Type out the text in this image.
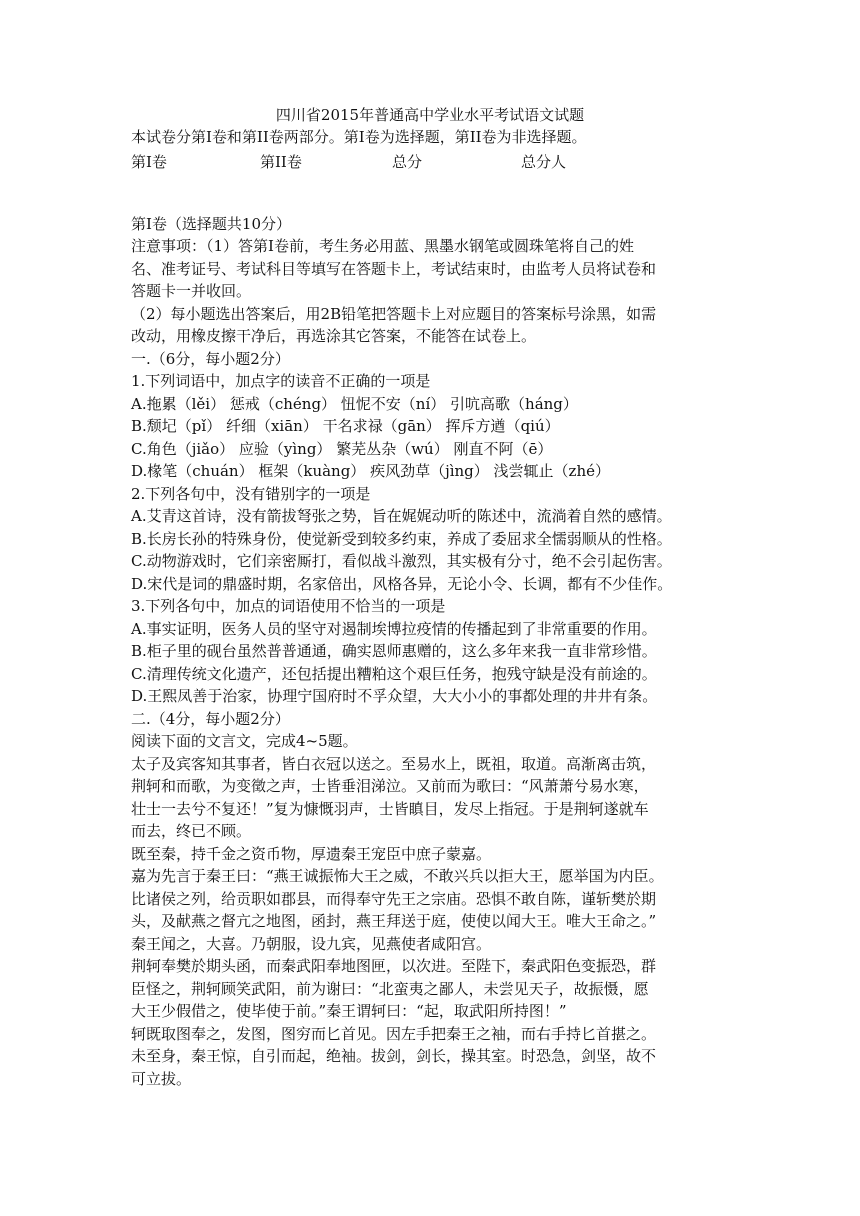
四川省2015年普通高中学业水平考试语文试题
本试卷分第Ⅰ卷和第II卷两部分。第Ⅰ卷为选择题，第II卷为非选择题。
第Ⅰ卷	第II卷	总分	总分人
第Ⅰ卷（选择题共10分）
注意事项：（1）答第Ⅰ卷前，考生务必用蓝、黑墨水钢笔或圆珠笔将自己的姓
名、准考证号、考试科目等填写在答题卡上，考试结束时，由监考人员将试卷和
答题卡一并收回。
（2）每小题选出答案后，用2B铅笔把答题卡上对应题目的答案标号涂黑，如需
改动，用橡皮擦干净后，再选涂其它答案，不能答在试卷上。
一.（6分，每小题2分）
1.下列词语中，加点字的读音不正确的一项是
A.拖累（lěi） 惩戒（chéng） 忸怩不安（ní） 引吭高歌（háng）
B.颓圮（pǐ） 纤细（xiān） 干名求禄（gān） 挥斥方遒（qiú）
C.角色（jiǎo） 应验（yìng） 繁芜丛杂（wú） 刚直不阿（ē）
D.椽笔（chuán） 框架（kuàng） 疾风劲草（jìng） 浅尝辄止（zhé）
2.下列各句中，没有错别字的一项是
A.艾青这首诗，没有箭拔弩张之势，旨在娓娓动听的陈述中，流淌着自然的感情。
B.长房长孙的特殊身份，使觉新受到较多约束，养成了委屈求全懦弱顺从的性格。
C.动物游戏时，它们亲密厮打，看似战斗激烈，其实极有分寸，绝不会引起伤害。
D.宋代是词的鼎盛时期，名家倍出，风格各异，无论小令、长调，都有不少佳作。
3.下列各句中，加点的词语使用不恰当的一项是
A.事实证明，医务人员的坚守对遏制埃博拉疫情的传播起到了非常重要的作用。
B.柜子里的砚台虽然普普通通，确实恩师惠赠的，这么多年来我一直非常珍惜。
C.清理传统文化遗产，还包括提出糟粕这个艰巨任务，抱残守缺是没有前途的。
D.王熙凤善于治家，协理宁国府时不孚众望，大大小小的事都处理的井井有条。
二.（4分，每小题2分）
阅读下面的文言文，完成4~5题。
太子及宾客知其事者，皆白衣冠以送之。至易水上，既祖，取道。高渐离击筑，
荆轲和而歌，为变徵之声，士皆垂泪涕泣。又前而为歌曰：“风萧萧兮易水寒，
壮士一去兮不复还！”复为慷慨羽声，士皆瞋目，发尽上指冠。于是荆轲遂就车
而去，终已不顾。
既至秦，持千金之资币物，厚遗秦王宠臣中庶子蒙嘉。
嘉为先言于秦王曰：“燕王诚振怖大王之威，不敢兴兵以拒大王，愿举国为内臣。
比诸侯之列，给贡职如郡县，而得奉守先王之宗庙。恐惧不敢自陈，谨斩樊於期
头，及献燕之督亢之地图，函封，燕王拜送于庭，使使以闻大王。唯大王命之。”
秦王闻之，大喜。乃朝服，设九宾，见燕使者咸阳宫。
荆轲奉樊於期头函，而秦武阳奉地图匣，以次进。至陛下，秦武阳色变振恐，群
臣怪之，荆轲顾笑武阳，前为谢曰：“北蛮夷之鄙人，未尝见天子，故振慑，愿
大王少假借之，使毕使于前。”秦王谓轲曰：“起，取武阳所持图！”
轲既取图奉之，发图，图穷而匕首见。因左手把秦王之袖，而右手持匕首揕之。
未至身，秦王惊，自引而起，绝袖。拔剑，剑长，操其室。时恐急，剑坚，故不
可立拔。
